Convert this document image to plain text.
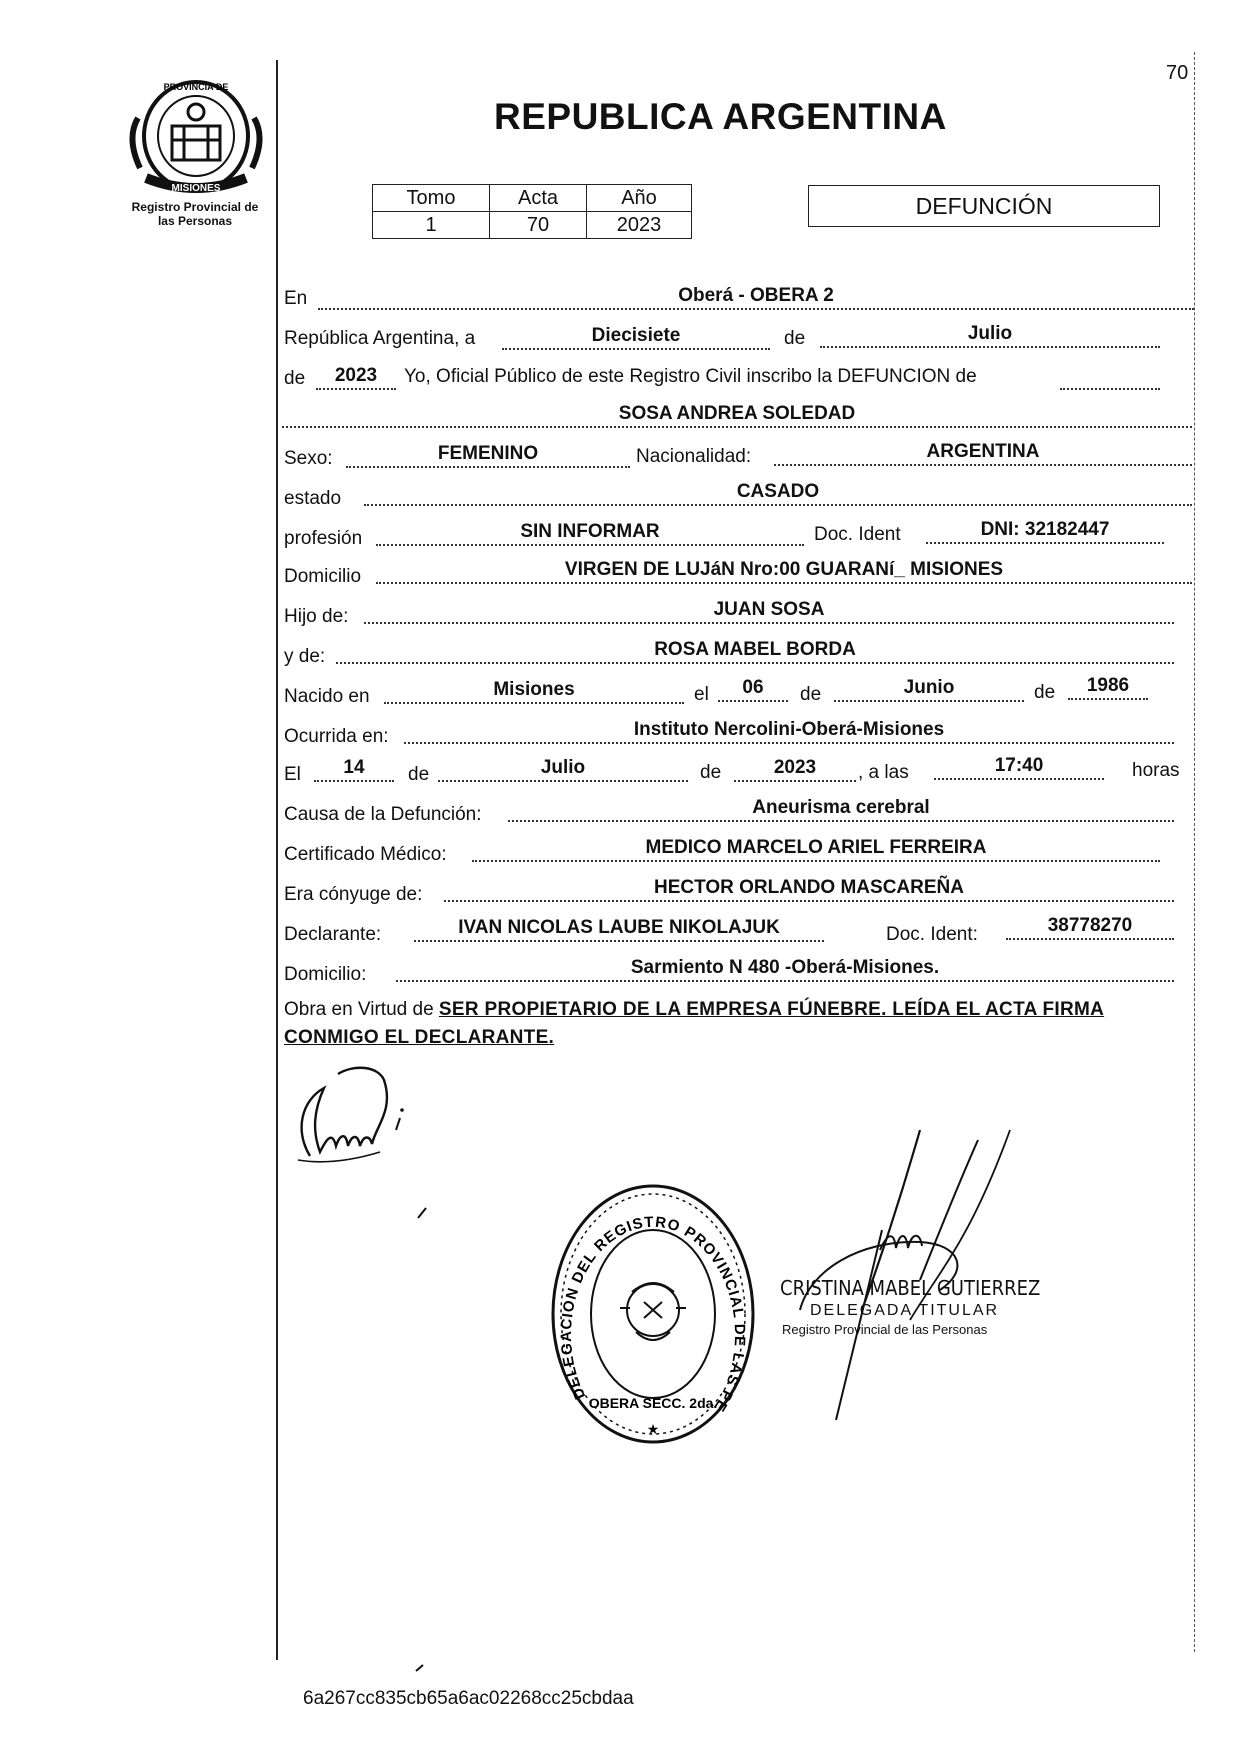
70
PROVINCIA DE
MISIONES
Registro Provincial de
las Personas
REPUBLICA ARGENTINA
Tomo	Acta	Año
1	70	2023
DEFUNCIÓN
En	Oberá - OBERA 2
República Argentina, a	Diecisiete	de	Julio
de	2023	Yo, Oficial Público de este Registro Civil inscribo la DEFUNCION de
SOSA ANDREA SOLEDAD
Sexo:	FEMENINO	Nacionalidad:	ARGENTINA
estado	CASADO
profesión	SIN INFORMAR	Doc. Ident	DNI: 32182447
Domicilio	VIRGEN DE LUJáN Nro:00 GUARANí_ MISIONES
Hijo de:	JUAN SOSA
y de:	ROSA MABEL BORDA
Nacido en	Misiones	el	06	de	Junio	de	1986
Ocurrida en:	Instituto Nercolini-Oberá-Misiones
El	14	de	Julio	de	2023	, a las	17:40	horas
Causa de la Defunción:	Aneurisma cerebral
Certificado Médico:	MEDICO MARCELO ARIEL FERREIRA
Era cónyuge de:	HECTOR ORLANDO MASCAREÑA
Declarante:	IVAN NICOLAS LAUBE NIKOLAJUK	Doc. Ident:	38778270
Domicilio:	Sarmiento N 480 -Oberá-Misiones.
Obra en Virtud de SER PROPIETARIO DE LA EMPRESA FÚNEBRE. LEÍDA EL ACTA FIRMA CONMIGO EL DECLARANTE.
DELEGACION DEL REGISTRO PROVINCIAL DE LAS PE
OBERA SECC. 2da.
★
CRISTINA MABEL GUTIERREZ
DELEGADA TITULAR
Registro Provincial de las Personas
6a267cc835cb65a6ac02268cc25cbdaa
